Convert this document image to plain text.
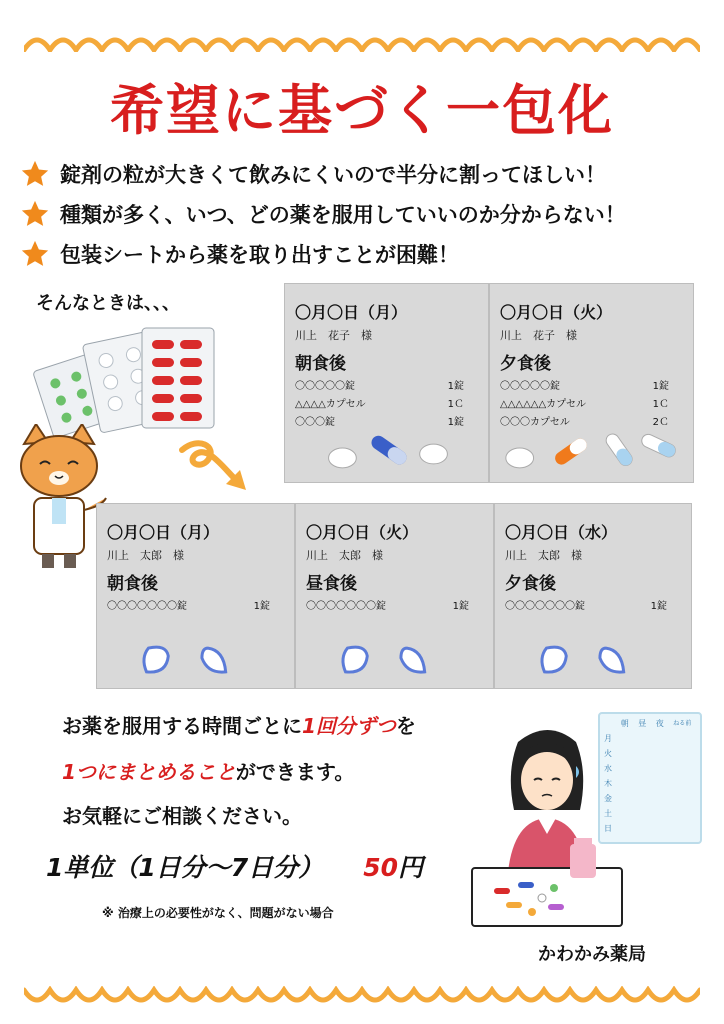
希望に基づく一包化
錠剤の粒が大きくて飲みにくいので半分に割ってほしい！
種類が多く、いつ、どの薬を服用していいのか分からない！
包装シートから薬を取り出すことが困難！
そんなときは、、、	〇月〇日（月）
川上　花子　様
朝食後
〇〇〇〇〇錠	1錠
△△△△カプセル	1Ｃ
〇〇〇錠	1錠
〇月〇日（火）
川上　花子　様
夕食後
〇〇〇〇〇錠	1錠
△△△△△△カプセル	1Ｃ
〇〇〇カプセル	2Ｃ
〇月〇日（月）
川上　太郎　様
朝食後
〇〇〇〇〇〇〇錠	1錠
〇月〇日（火）
川上　太郎　様
昼食後
〇〇〇〇〇〇〇錠	1錠
〇月〇日（水）
川上　太郎　様
夕食後
〇〇〇〇〇〇〇錠	1錠
お薬を服用する時間ごとに1回分ずつを
1つにまとめることができます。
お気軽にご相談ください。
1単位（1日分～7日分） 50円
※ 治療上の必要性がなく、問題がない場合
朝 昼 夜 ねる前
月
火
水
木
金
土
日
かわかみ薬局
